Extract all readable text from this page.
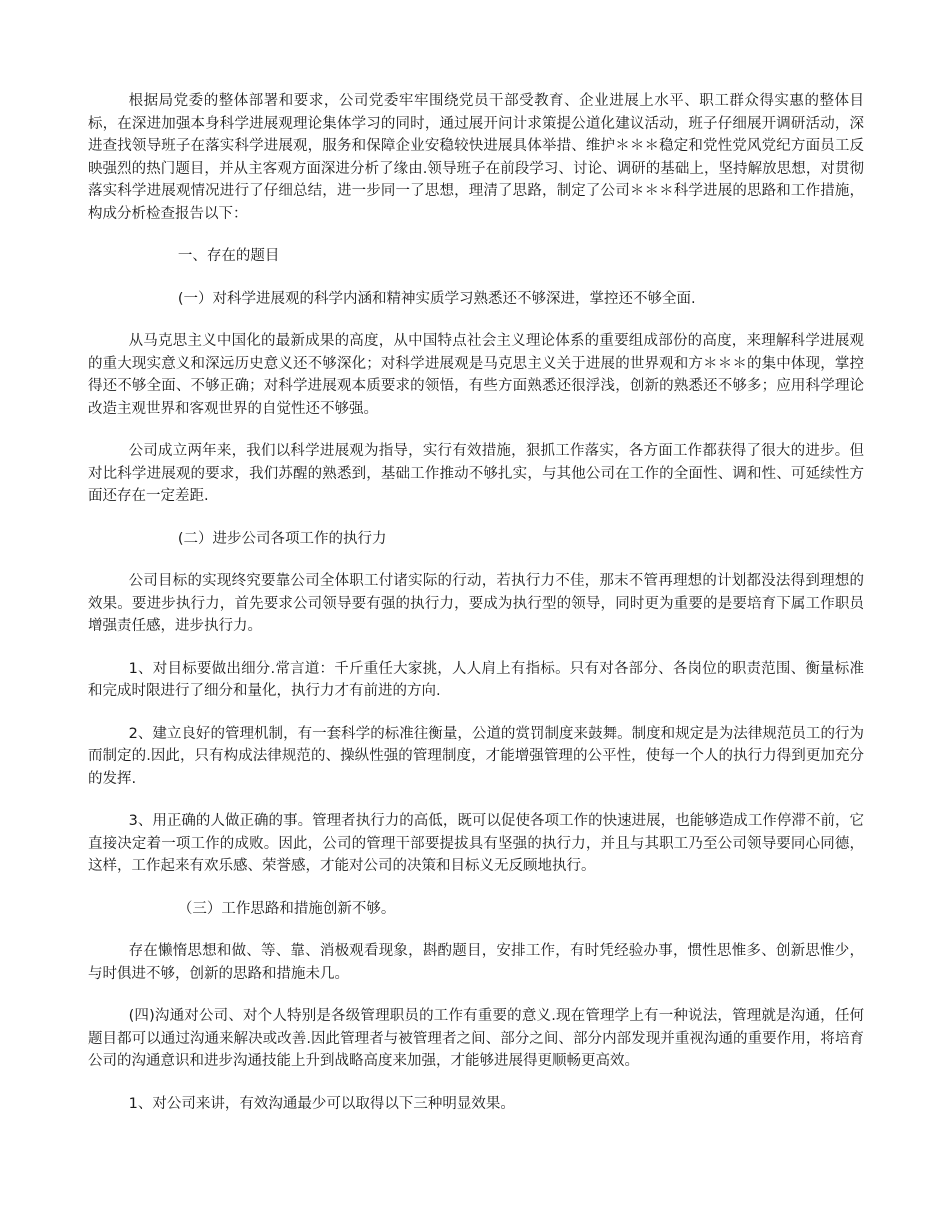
根据局党委的整体部署和要求，公司党委牢牢围绕党员干部受教育、企业进展上水平、职工群众得实惠的整体目标，在深进加强本身科学进展观理论集体学习的同时，通过展开问计求策提公道化建议活动，班子仔细展开调研活动，深进查找领导班子在落实科学进展观，服务和保障企业安稳较快进展具体举措、维护＊＊＊稳定和党性党风党纪方面员工反映强烈的热门题目，并从主客观方面深进分析了缘由.领导班子在前段学习、讨论、调研的基础上，坚持解放思想，对贯彻落实科学进展观情况进行了仔细总结，进一步同一了思想，理清了思路，制定了公司＊＊＊科学进展的思路和工作措施，构成分析检查报告以下：

一、存在的题目

(一）对科学进展观的科学内涵和精神实质学习熟悉还不够深进，掌控还不够全面.

从马克思主义中国化的最新成果的高度，从中国特点社会主义理论体系的重要组成部份的高度，来理解科学进展观的重大现实意义和深远历史意义还不够深化；对科学进展观是马克思主义关于进展的世界观和方＊＊＊的集中体现，掌控得还不够全面、不够正确；对科学进展观本质要求的领悟，有些方面熟悉还很浮浅，创新的熟悉还不够多；应用科学理论改造主观世界和客观世界的自觉性还不够强。

公司成立两年来，我们以科学进展观为指导，实行有效措施，狠抓工作落实，各方面工作都获得了很大的进步。但对比科学进展观的要求，我们苏醒的熟悉到，基础工作推动不够扎实，与其他公司在工作的全面性、调和性、可延续性方面还存在一定差距.

(二）进步公司各项工作的执行力

公司目标的实现终究要靠公司全体职工付诸实际的行动，若执行力不佳，那末不管再理想的计划都没法得到理想的效果。要进步执行力，首先要求公司领导要有强的执行力，要成为执行型的领导，同时更为重要的是要培育下属工作职员增强责任感，进步执行力。

1、对目标要做出细分.常言道：千斤重任大家挑，人人肩上有指标。只有对各部分、各岗位的职责范围、衡量标准和完成时限进行了细分和量化，执行力才有前进的方向.

2、建立良好的管理机制，有一套科学的标准往衡量，公道的赏罚制度来鼓舞。制度和规定是为法律规范员工的行为而制定的.因此，只有构成法律规范的、操纵性强的管理制度，才能增强管理的公平性，使每一个人的执行力得到更加充分的发挥.

3、用正确的人做正确的事。管理者执行力的高低，既可以促使各项工作的快速进展，也能够造成工作停滞不前，它直接决定着一项工作的成败。因此，公司的管理干部要提拔具有坚强的执行力，并且与其职工乃至公司领导要同心同德，这样，工作起来有欢乐感、荣誉感，才能对公司的决策和目标义无反顾地执行。

（三）工作思路和措施创新不够。

存在懒惰思想和做、等、靠、消极观看现象，斟酌题目，安排工作，有时凭经验办事，惯性思惟多、创新思惟少，与时俱进不够，创新的思路和措施未几。

(四)沟通对公司、对个人特别是各级管理职员的工作有重要的意义.现在管理学上有一种说法，管理就是沟通，任何题目都可以通过沟通来解决或改善.因此管理者与被管理者之间、部分之间、部分内部发现并重视沟通的重要作用，将培育公司的沟通意识和进步沟通技能上升到战略高度来加强，才能够进展得更顺畅更高效。

1、对公司来讲，有效沟通最少可以取得以下三种明显效果。
